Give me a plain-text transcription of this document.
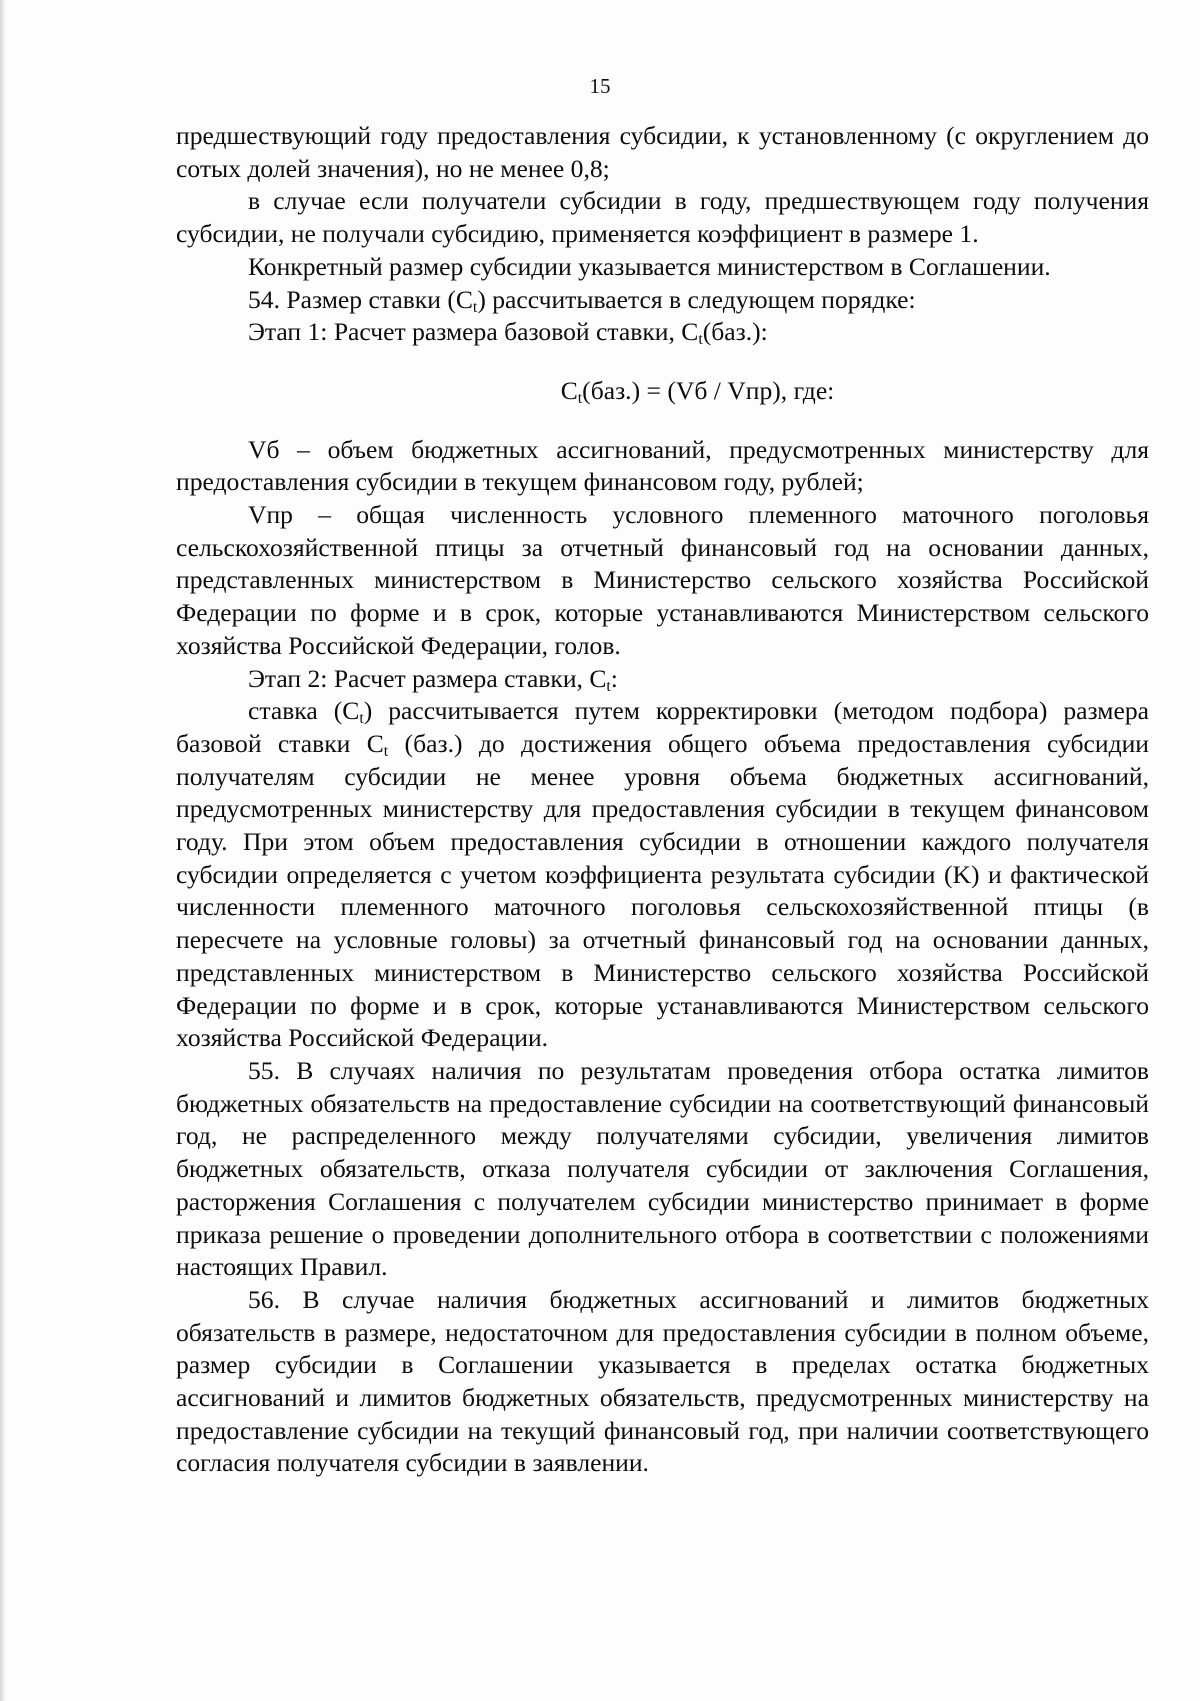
15

предшествующий году предоставления субсидии, к установленному (с округлением до сотых долей значения), но не менее 0,8;

в случае если получатели субсидии в году, предшествующем году получения субсидии, не получали субсидию, применяется коэффициент в размере 1.

Конкретный размер субсидии указывается министерством в Соглашении.

54. Размер ставки $(C_t)$ рассчитывается в следующем порядке:

Этап 1: Расчет размера базовой ставки, $C_t(баз.)$:

$C_t(баз.) = (Vб / Vпр)$, где:

Vб – объем бюджетных ассигнований, предусмотренных министерству для предоставления субсидии в текущем финансовом году, рублей;

Vпр – общая численность условного племенного маточного поголовья сельскохозяйственной птицы за отчетный финансовый год на основании данных, представленных министерством в Министерство сельского хозяйства Российской Федерации по форме и в срок, которые устанавливаются Министерством сельского хозяйства Российской Федерации, голов.

Этап 2: Расчет размера ставки, $C_t$:

ставка $(C_t)$ рассчитывается путем корректировки (методом подбора) размера базовой ставки $C_t$ (баз.) до достижения общего объема предоставления субсидии получателям субсидии не менее уровня объема бюджетных ассигнований, предусмотренных министерству для предоставления субсидии в текущем финансовом году. При этом объем предоставления субсидии в отношении каждого получателя субсидии определяется с учетом коэффициента результата субсидии (K) и фактической численности племенного маточного поголовья сельскохозяйственной птицы (в пересчете на условные головы) за отчетный финансовый год на основании данных, представленных министерством в Министерство сельского хозяйства Российской Федерации по форме и в срок, которые устанавливаются Министерством сельского хозяйства Российской Федерации.

55. В случаях наличия по результатам проведения отбора остатка лимитов бюджетных обязательств на предоставление субсидии на соответствующий финансовый год, не распределенного между получателями субсидии, увеличения лимитов бюджетных обязательств, отказа получателя субсидии от заключения Соглашения, расторжения Соглашения с получателем субсидии министерство принимает в форме приказа решение о проведении дополнительного отбора в соответствии с положениями настоящих Правил.

56. В случае наличия бюджетных ассигнований и лимитов бюджетных обязательств в размере, недостаточном для предоставления субсидии в полном объеме, размер субсидии в Соглашении указывается в пределах остатка бюджетных ассигнований и лимитов бюджетных обязательств, предусмотренных министерству на предоставление субсидии на текущий финансовый год, при наличии соответствующего согласия получателя субсидии в заявлении.
